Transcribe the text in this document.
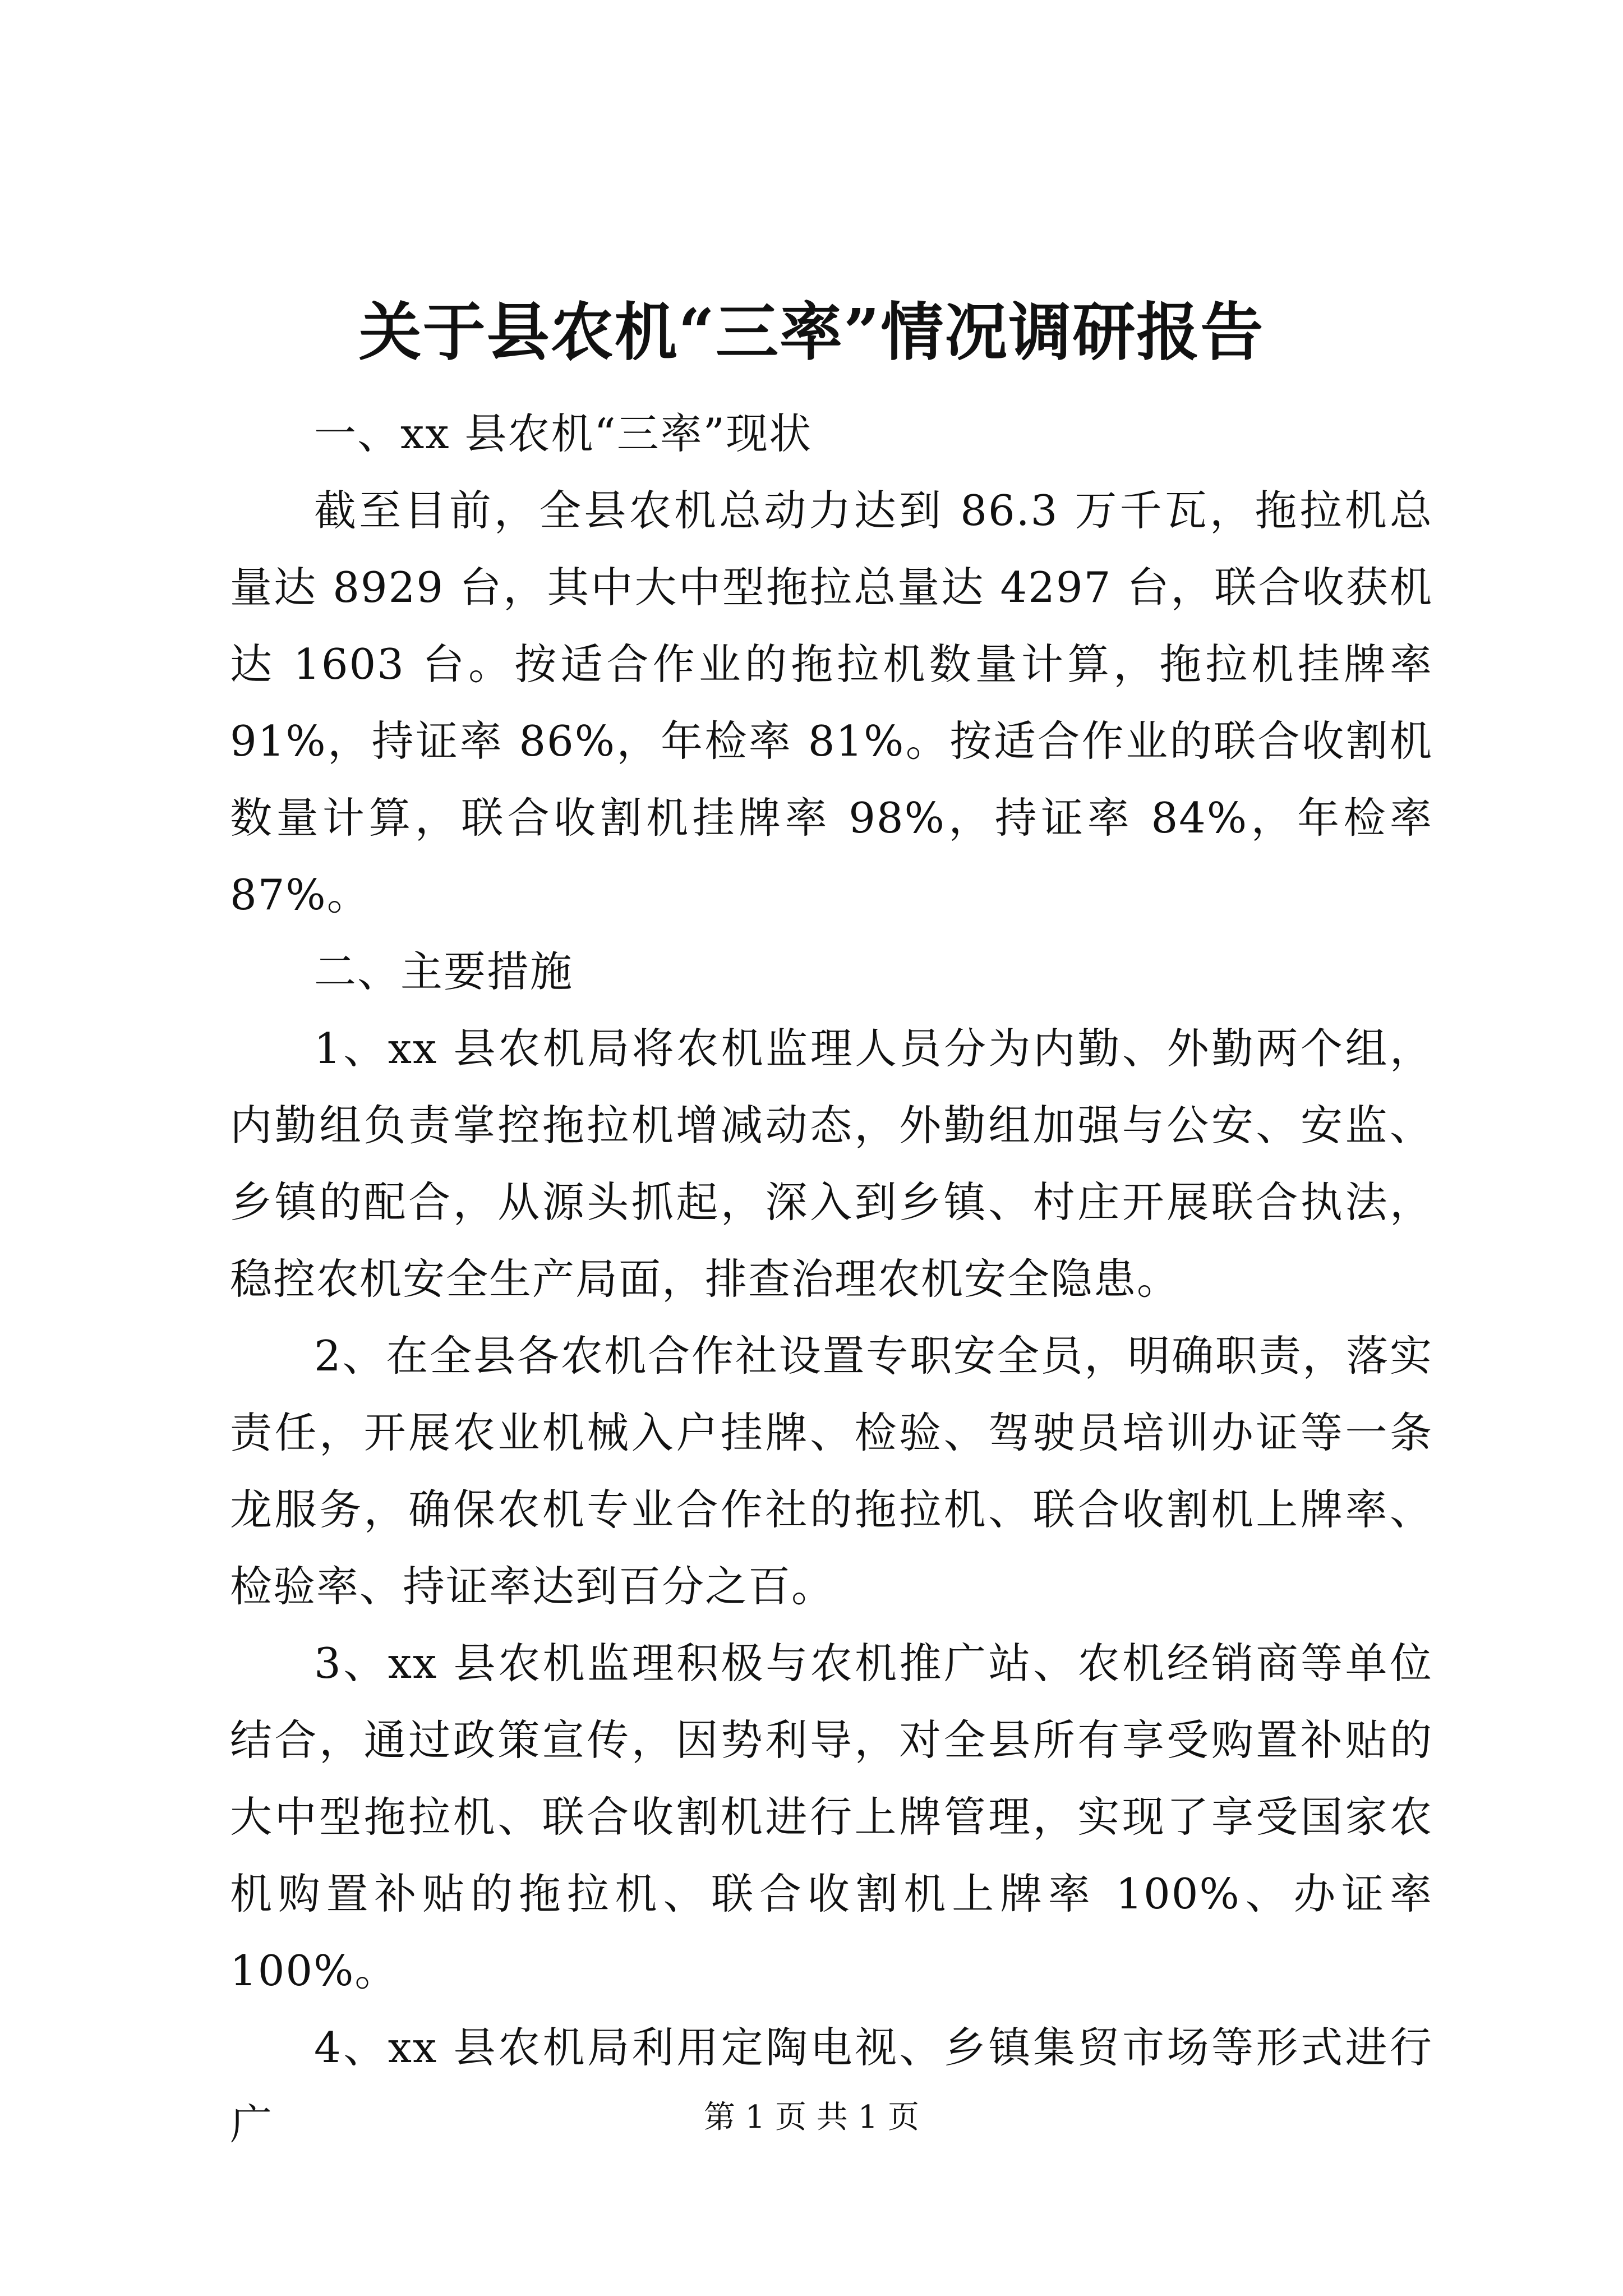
关于县农机“三率”情况调研报告

一、xx 县农机“三率”现状

截至目前，全县农机总动力达到 86.3 万千瓦，拖拉机总量达 8929 台，其中大中型拖拉总量达 4297 台，联合收获机达 1603 台。按适合作业的拖拉机数量计算，拖拉机挂牌率 91%，持证率 86%，年检率 81%。按适合作业的联合收割机数量计算，联合收割机挂牌率 98%，持证率 84%，年检率 87%。

二、主要措施

1、xx 县农机局将农机监理人员分为内勤、外勤两个组，内勤组负责掌控拖拉机增减动态，外勤组加强与公安、安监、乡镇的配合，从源头抓起，深入到乡镇、村庄开展联合执法，稳控农机安全生产局面，排查治理农机安全隐患。

2、在全县各农机合作社设置专职安全员，明确职责，落实责任，开展农业机械入户挂牌、检验、驾驶员培训办证等一条龙服务，确保农机专业合作社的拖拉机、联合收割机上牌率、检验率、持证率达到百分之百。

3、xx 县农机监理积极与农机推广站、农机经销商等单位结合，通过政策宣传，因势利导，对全县所有享受购置补贴的大中型拖拉机、联合收割机进行上牌管理，实现了享受国家农机购置补贴的拖拉机、联合收割机上牌率 100%、办证率 100%。

4、xx 县农机局利用定陶电视、乡镇集贸市场等形式进行广	第 1 页 共 1 页
